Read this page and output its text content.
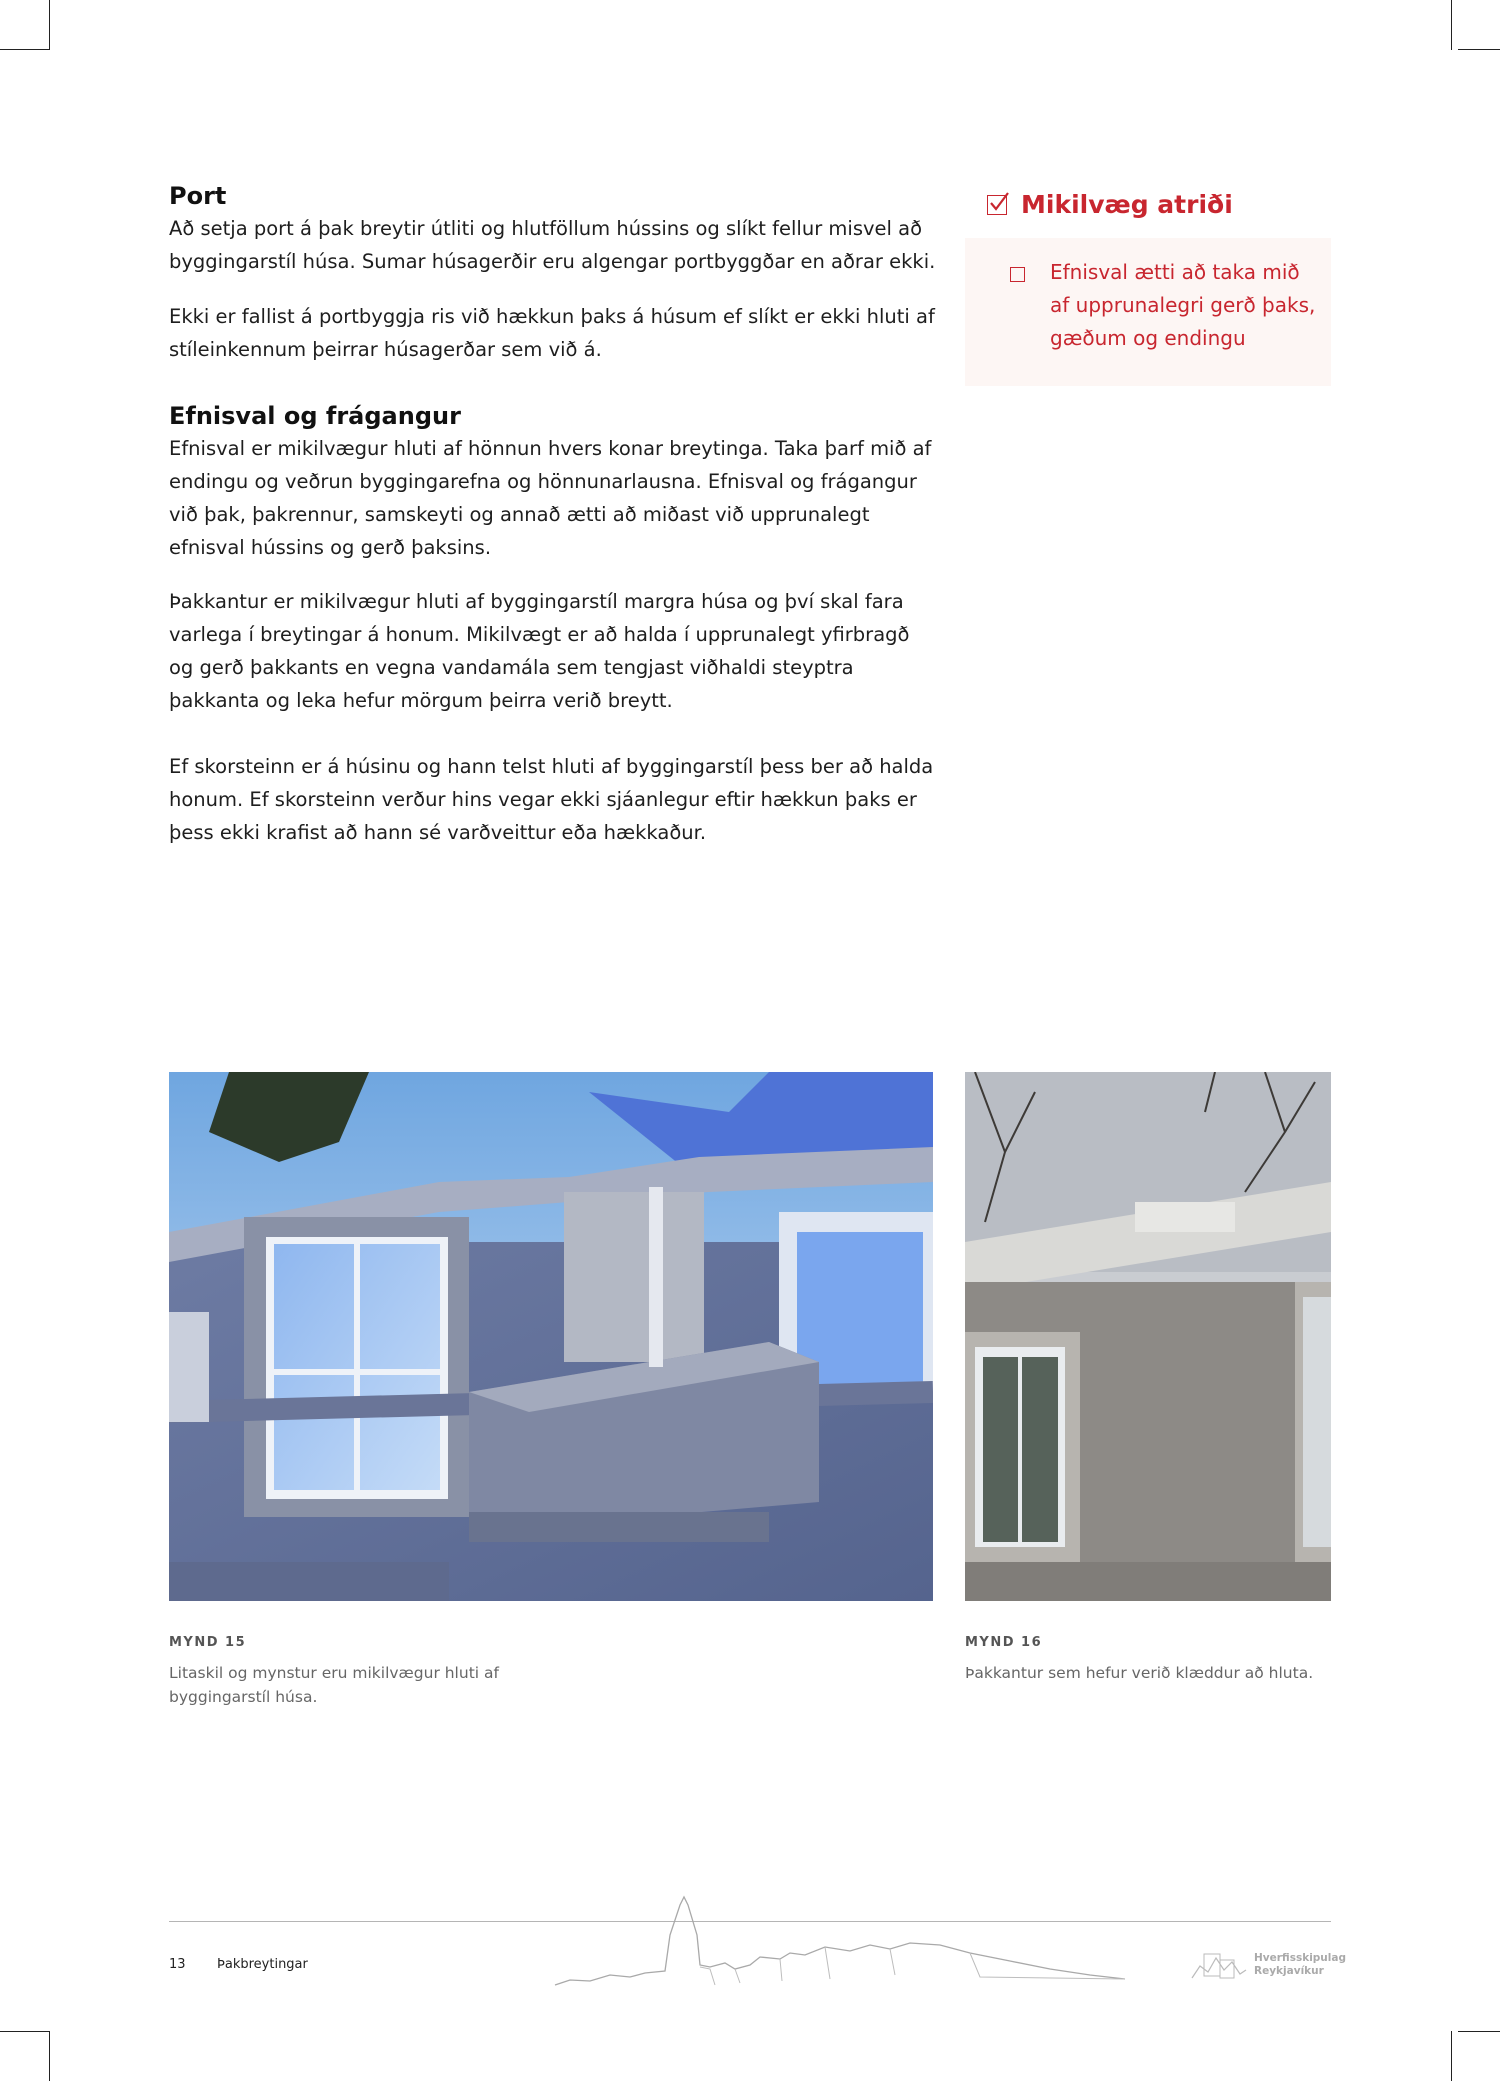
Port

Að setja port á þak breytir útliti og hlutföllum hússins og slíkt fellur misvel að byggingarstíl húsa. Sumar húsagerðir eru algengar portbyggðar en aðrar ekki.

Ekki er fallist á portbyggja ris við hækkun þaks á húsum ef slíkt er ekki hluti af stíleinkennum þeirrar húsagerðar sem við á.

Efnisval og frágangur

Efnisval er mikilvægur hluti af hönnun hvers konar breytinga. Taka þarf mið af endingu og veðrun byggingarefna og hönnunarlausna. Efnisval og frágangur við þak, þakrennur, samskeyti og annað ætti að miðast við upprunalegt efnisval hússins og gerð þaksins.

Þakkantur er mikilvægur hluti af byggingarstíl margra húsa og því skal fara varlega í breytingar á honum. Mikilvægt er að halda í upprunalegt yfirbragð og gerð þakkants en vegna vandamála sem tengjast viðhaldi steyptra þakkanta og leka hefur mörgum þeirra verið breytt.

Ef skorsteinn er á húsinu og hann telst hluti af byggingarstíl þess ber að halda honum. Ef skorsteinn verður hins vegar ekki sjáanlegur eftir hækkun þaks er þess ekki krafist að hann sé varðveittur eða hækkaður.

Mikilvæg atriði
Efnisval ætti að taka mið af upprunalegri gerð þaks, gæðum og endingu

MYND 15

Litaskil og mynstur eru mikilvægur hluti af byggingarstíl húsa.

MYND 16

Þakkantur sem hefur verið klæddur að hluta.

13 Þakbreytingar	Hverfisskipulag
Reykjavíkur
